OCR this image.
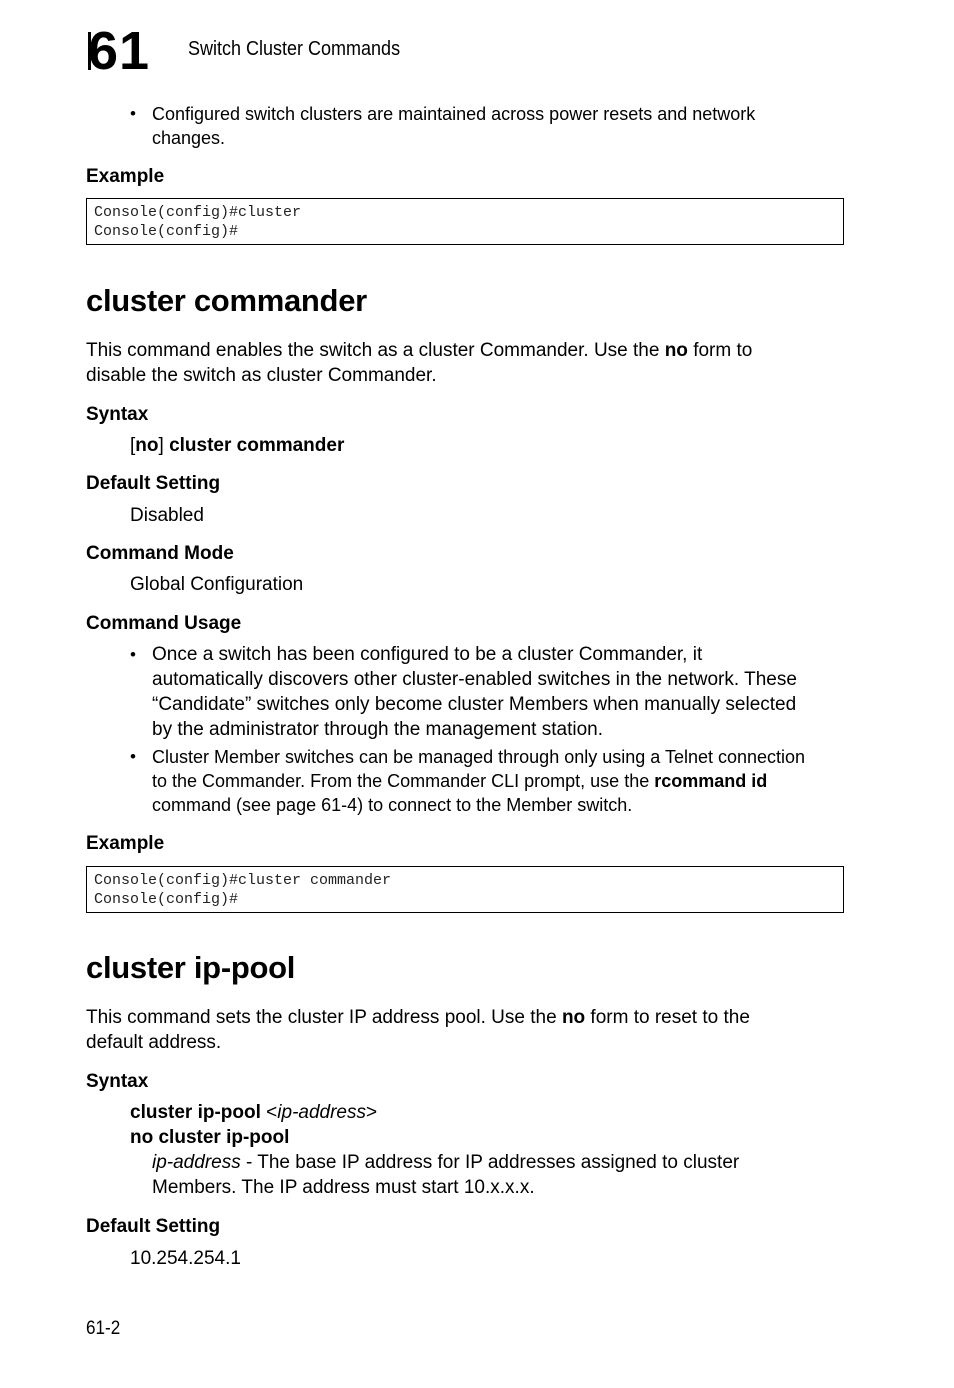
61	Switch Cluster Commands
• Configured switch clusters are maintained across power resets and network
changes.
Example
Console(config)#cluster
Console(config)#
cluster commander
This command enables the switch as a cluster Commander. Use the no form to
disable the switch as cluster Commander.
Syntax
[no] cluster commander
Default Setting
Disabled
Command Mode
Global Configuration
Command Usage
• Once a switch has been configured to be a cluster Commander, it
automatically discovers other cluster-enabled switches in the network. These
“Candidate” switches only become cluster Members when manually selected
by the administrator through the management station.
• Cluster Member switches can be managed through only using a Telnet connection
to the Commander. From the Commander CLI prompt, use the rcommand id
command (see page 61-4) to connect to the Member switch.
Example
Console(config)#cluster commander
Console(config)#
cluster ip-pool
This command sets the cluster IP address pool. Use the no form to reset to the
default address.
Syntax
cluster ip-pool <ip-address>
no cluster ip-pool
ip-address - The base IP address for IP addresses assigned to cluster
Members. The IP address must start 10.x.x.x.
Default Setting
10.254.254.1
61-2
